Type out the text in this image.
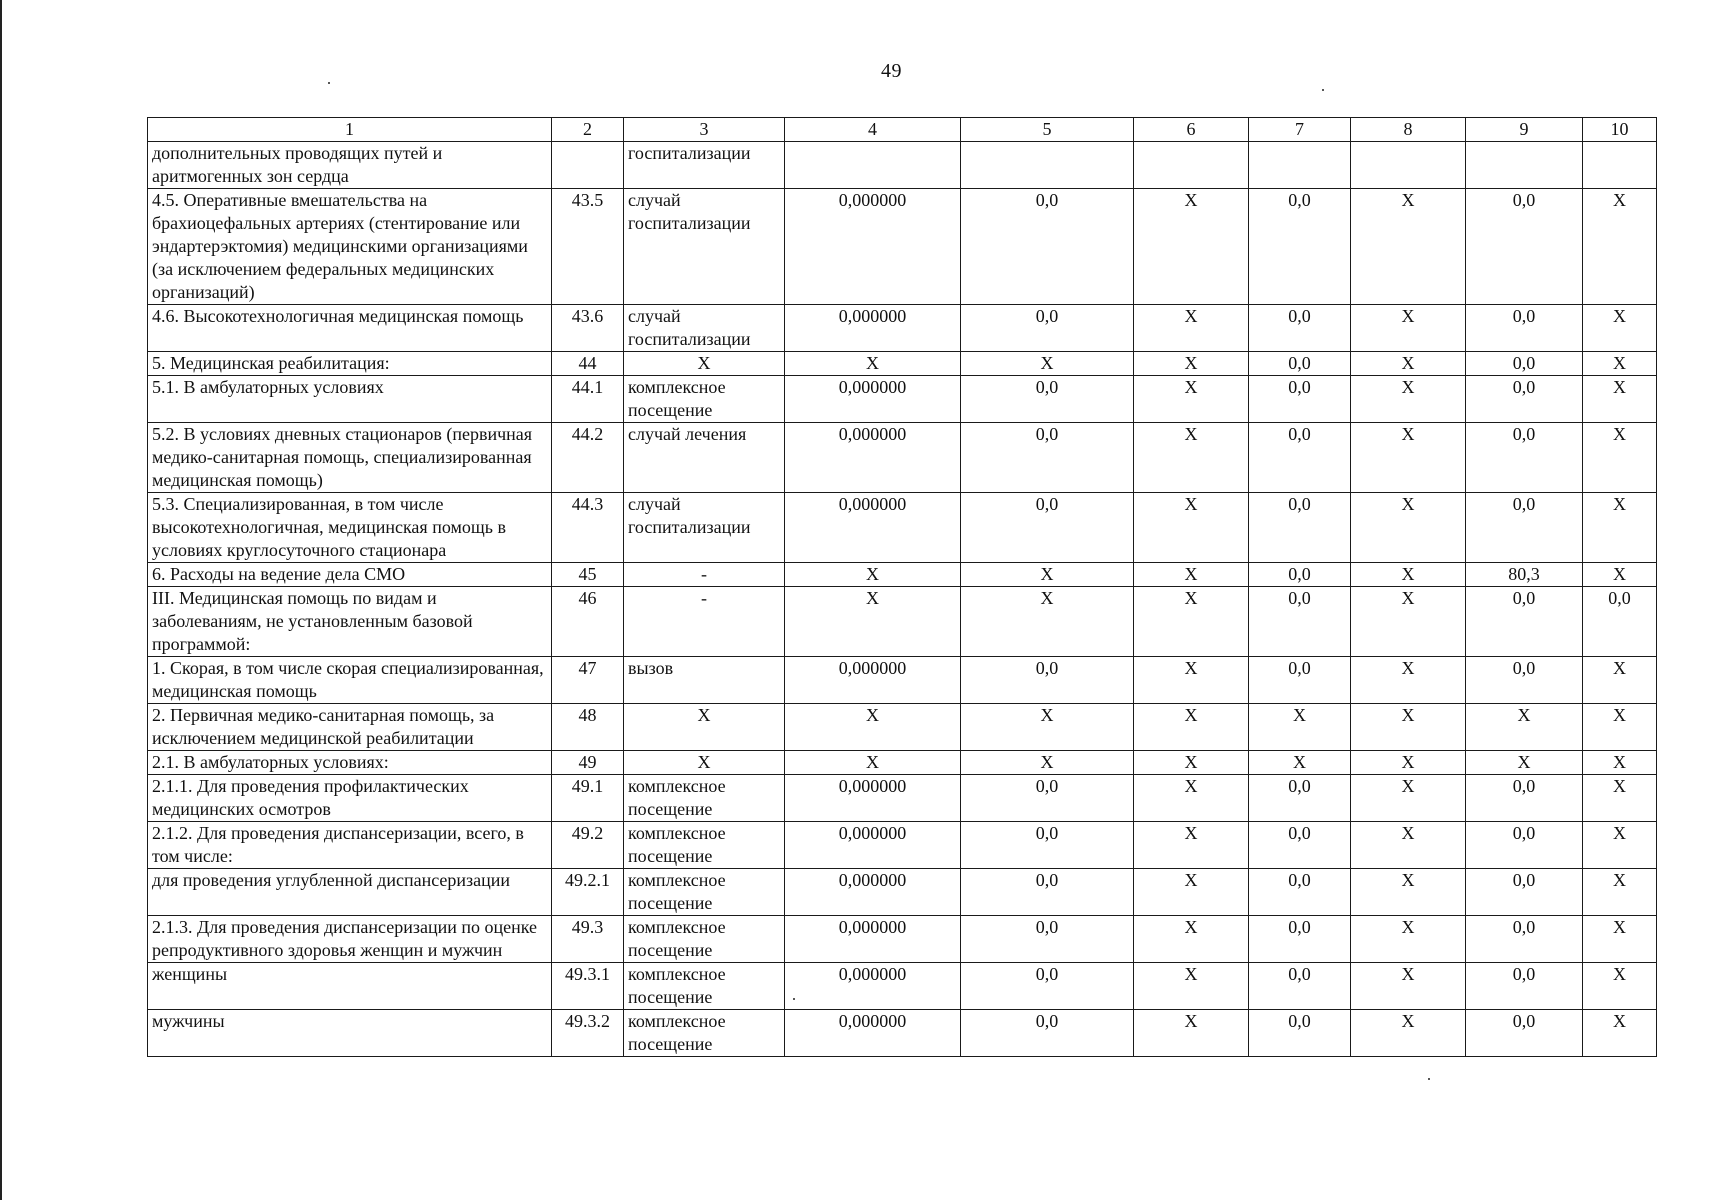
49
1	2	3	4	5	6	7	8	9	10
дополнительных проводящих путей и аритмогенных зон сердца		госпитализации							
4.5. Оперативные вмешательства на брахиоцефальных артериях (стентирование или эндартерэктомия) медицинскими организациями (за исключением федеральных медицинских организаций)	43.5	случай госпитализации	0,000000	0,0	X	0,0	X	0,0	X
4.6. Высокотехнологичная медицинская помощь	43.6	случай госпитализации	0,000000	0,0	X	0,0	X	0,0	X
5. Медицинская реабилитация:	44	X	X	X	X	0,0	X	0,0	X
5.1. В амбулаторных условиях	44.1	комплексное посещение	0,000000	0,0	X	0,0	X	0,0	X
5.2. В условиях дневных стационаров (первичная медико-санитарная помощь, специализированная медицинская помощь)	44.2	случай лечения	0,000000	0,0	X	0,0	X	0,0	X
5.3. Специализированная, в том числе высокотехнологичная, медицинская помощь в условиях круглосуточного стационара	44.3	случай госпитализации	0,000000	0,0	X	0,0	X	0,0	X
6. Расходы на ведение дела СМО	45	-	X	X	X	0,0	X	80,3	X
III. Медицинская помощь по видам и заболеваниям, не установленным базовой программой:	46	-	X	X	X	0,0	X	0,0	0,0
1. Скорая, в том числе скорая специализированная, медицинская помощь	47	вызов	0,000000	0,0	X	0,0	X	0,0	X
2. Первичная медико-санитарная помощь, за исключением медицинской реабилитации	48	X	X	X	X	X	X	X	X
2.1. В амбулаторных условиях:	49	X	X	X	X	X	X	X	X
2.1.1. Для проведения профилактических медицинских осмотров	49.1	комплексное посещение	0,000000	0,0	X	0,0	X	0,0	X
2.1.2. Для проведения диспансеризации, всего, в том числе:	49.2	комплексное посещение	0,000000	0,0	X	0,0	X	0,0	X
для проведения углубленной диспансеризации	49.2.1	комплексное посещение	0,000000	0,0	X	0,0	X	0,0	X
2.1.3. Для проведения диспансеризации по оценке репродуктивного здоровья женщин и мужчин	49.3	комплексное посещение	0,000000	0,0	X	0,0	X	0,0	X
женщины	49.3.1	комплексное посещение	0,000000	0,0	X	0,0	X	0,0	X
мужчины	49.3.2	комплексное посещение	0,000000	0,0	X	0,0	X	0,0	X
